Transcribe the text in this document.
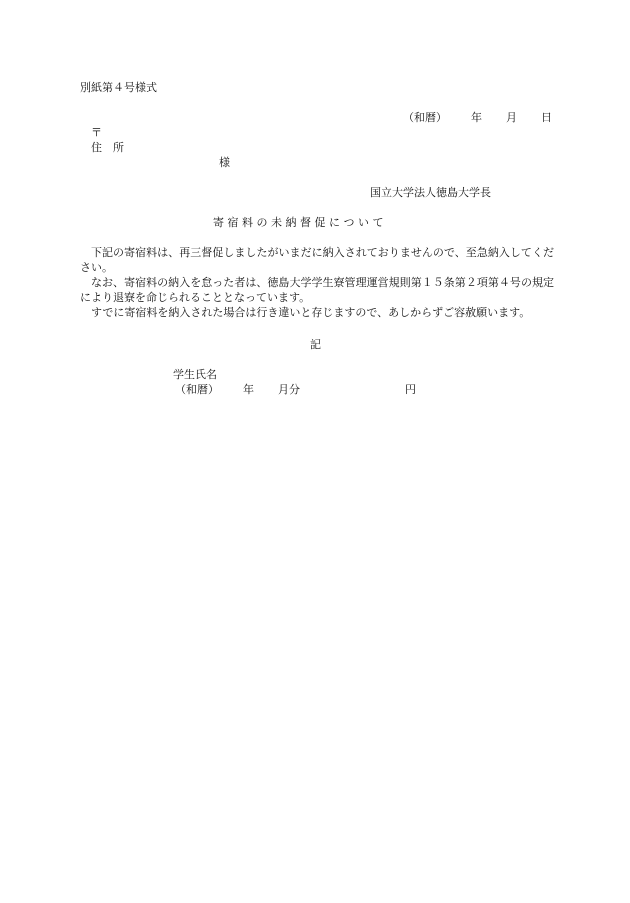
別紙第４号様式
（和暦） 年 月 日
〒
住　所
様
国立大学法人徳島大学長
寄 宿 料 の 未 納 督 促 に つ い て
下記の寄宿料は、再三督促しましたがいまだに納入されておりませんので、至急納入してください。
なお、寄宿料の納入を怠った者は、徳島大学学生寮管理運営規則第１５条第２項第４号の規定により退寮を命じられることとなっています。
すでに寄宿料を納入された場合は行き違いと存じますので、あしからずご容赦願います。
記
学生氏名
（和暦） 年 月分	円
